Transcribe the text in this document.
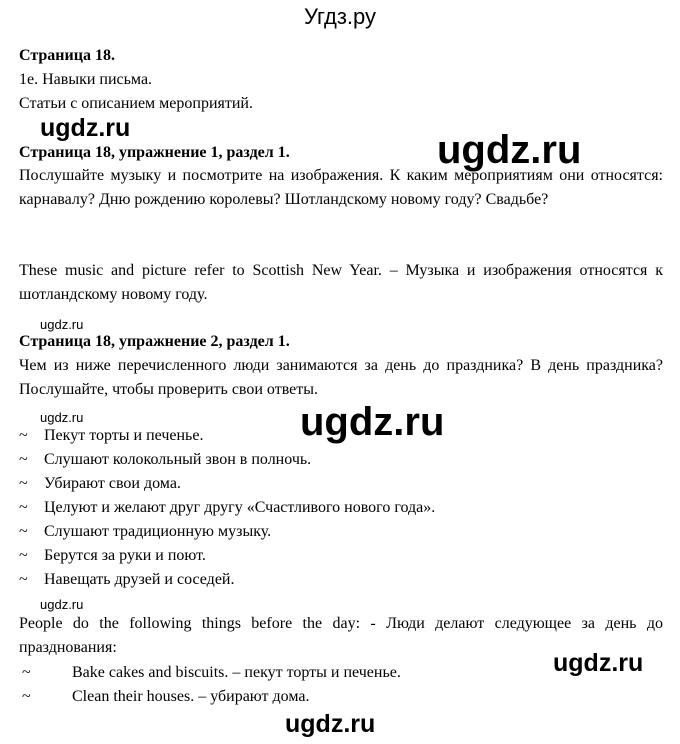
Угдз.ру
Страница 18.
1e. Навыки письма.
Статьи с описанием мероприятий.
ugdz.ru	ugdz.ru
Страница 18, упражнение 1, раздел 1.
Послушайте музыку и посмотрите на изображения. К каким мероприятиям они относятся: карнавалу? Дню рождению королевы? Шотландскому новому году? Свадьбе?
These music and picture refer to Scottish New Year. – Музыка и изображения относятся к шотландскому новому году.
ugdz.ru
Страница 18, упражнение 2, раздел 1.
Чем из ниже перечисленного люди занимаются за день до праздника? В день праздника? Послушайте, чтобы проверить свои ответы.
ugdz.ru	ugdz.ru
~ Пекут торты и печенье.
~ Слушают колокольный звон в полночь.
~ Убирают свои дома.
~ Целуют и желают друг другу «Счастливого нового года».
~ Слушают традиционную музыку.
~ Берутся за руки и поют.
~ Навещать друзей и соседей.
ugdz.ru
People do the following things before the day: - Люди делают следующее за день до празднования:
ugdz.ru
~	Bake cakes and biscuits. – пекут торты и печенье.
~	Clean their houses. – убирают дома.
ugdz.ru
